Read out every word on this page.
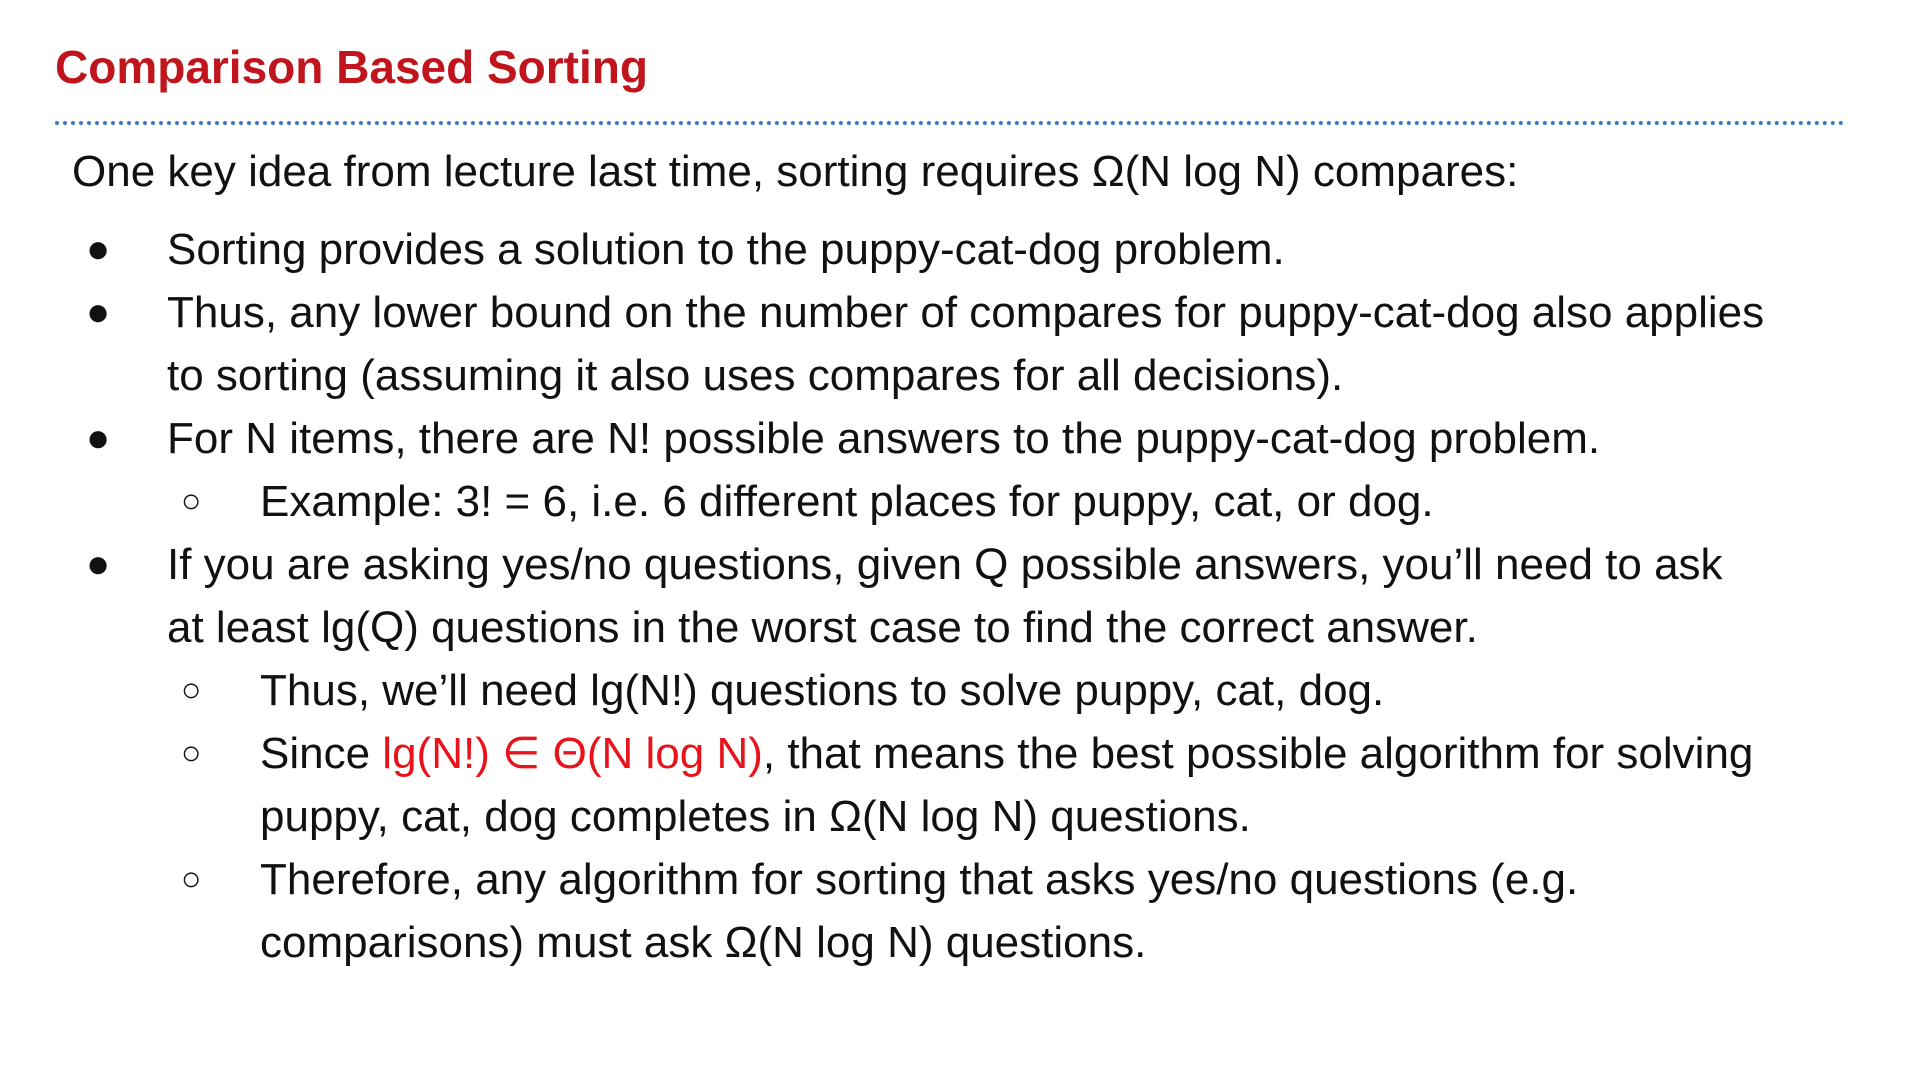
Comparison Based Sorting
One key idea from lecture last time, sorting requires Ω(N log N) compares:
● Sorting provides a solution to the puppy-cat-dog problem.
● Thus, any lower bound on the number of compares for puppy-cat-dog also applies to sorting (assuming it also uses compares for all decisions).
● For N items, there are N! possible answers to the puppy-cat-dog problem.
○ Example: 3! = 6, i.e. 6 different places for puppy, cat, or dog.
● If you are asking yes/no questions, given Q possible answers, you’ll need to ask at least lg(Q) questions in the worst case to find the correct answer.
○ Thus, we’ll need lg(N!) questions to solve puppy, cat, dog.
○ Since lg(N!) ∈ Θ(N log N), that means the best possible algorithm for solving puppy, cat, dog completes in Ω(N log N) questions.
○ Therefore, any algorithm for sorting that asks yes/no questions (e.g. comparisons) must ask Ω(N log N) questions.
